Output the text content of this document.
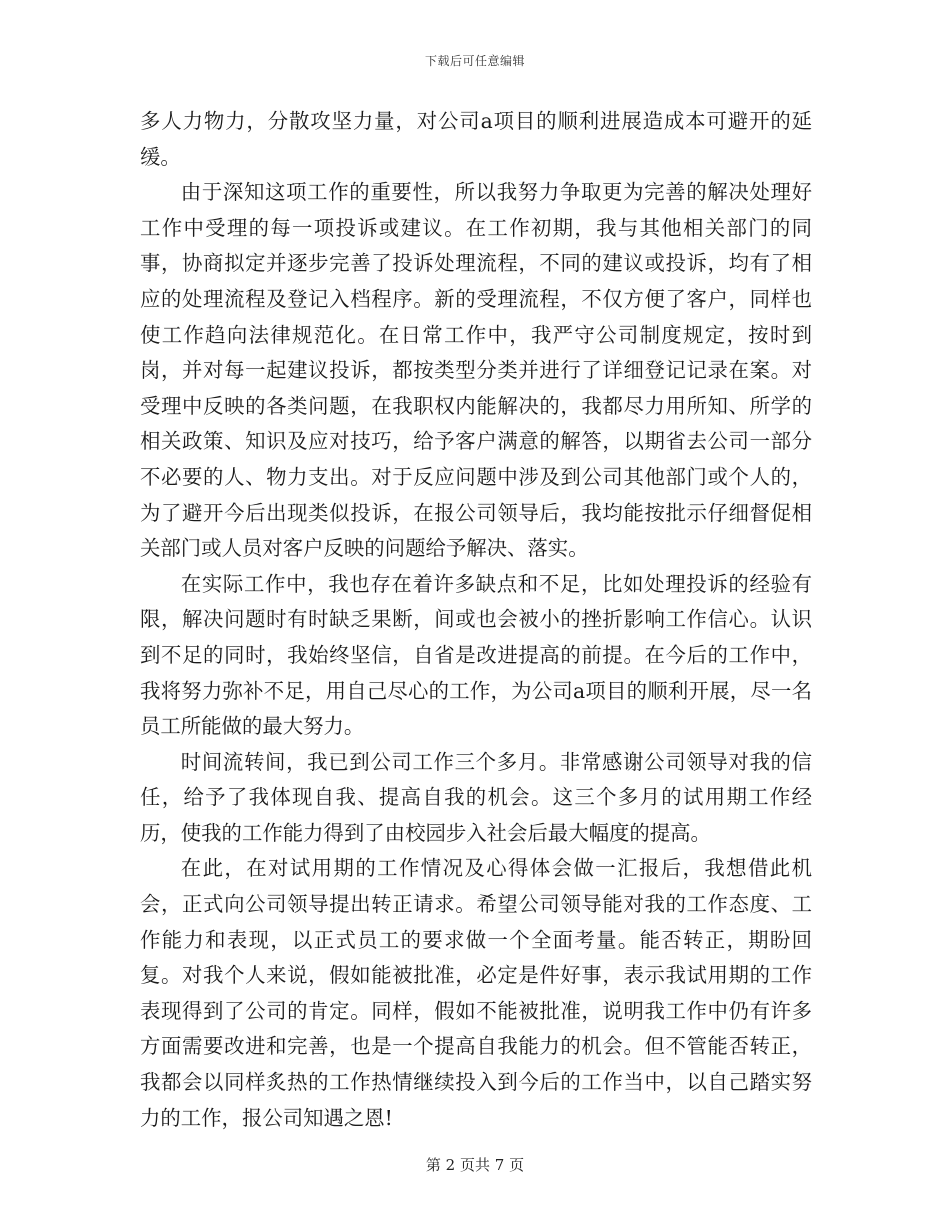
下载后可任意编辑

多人力物力，分散攻坚力量，对公司a项目的顺利进展造成本可避开的延缓。

由于深知这项工作的重要性，所以我努力争取更为完善的解决处理好工作中受理的每一项投诉或建议。在工作初期，我与其他相关部门的同事，协商拟定并逐步完善了投诉处理流程，不同的建议或投诉，均有了相应的处理流程及登记入档程序。新的受理流程，不仅方便了客户，同样也使工作趋向法律规范化。在日常工作中，我严守公司制度规定，按时到岗，并对每一起建议投诉，都按类型分类并进行了详细登记记录在案。对受理中反映的各类问题，在我职权内能解决的，我都尽力用所知、所学的相关政策、知识及应对技巧，给予客户满意的解答，以期省去公司一部分不必要的人、物力支出。对于反应问题中涉及到公司其他部门或个人的，为了避开今后出现类似投诉，在报公司领导后，我均能按批示仔细督促相关部门或人员对客户反映的问题给予解决、落实。

在实际工作中，我也存在着许多缺点和不足，比如处理投诉的经验有限，解决问题时有时缺乏果断，间或也会被小的挫折影响工作信心。认识到不足的同时，我始终坚信，自省是改进提高的前提。在今后的工作中，我将努力弥补不足，用自己尽心的工作，为公司a项目的顺利开展，尽一名员工所能做的最大努力。

时间流转间，我已到公司工作三个多月。非常感谢公司领导对我的信任，给予了我体现自我、提高自我的机会。这三个多月的试用期工作经历，使我的工作能力得到了由校园步入社会后最大幅度的提高。

在此，在对试用期的工作情况及心得体会做一汇报后，我想借此机会，正式向公司领导提出转正请求。希望公司领导能对我的工作态度、工作能力和表现，以正式员工的要求做一个全面考量。能否转正，期盼回复。对我个人来说，假如能被批准，必定是件好事，表示我试用期的工作表现得到了公司的肯定。同样，假如不能被批准，说明我工作中仍有许多方面需要改进和完善，也是一个提高自我能力的机会。但不管能否转正，我都会以同样炙热的工作热情继续投入到今后的工作当中，以自己踏实努力的工作，报公司知遇之恩!

第 2 页共 7 页
